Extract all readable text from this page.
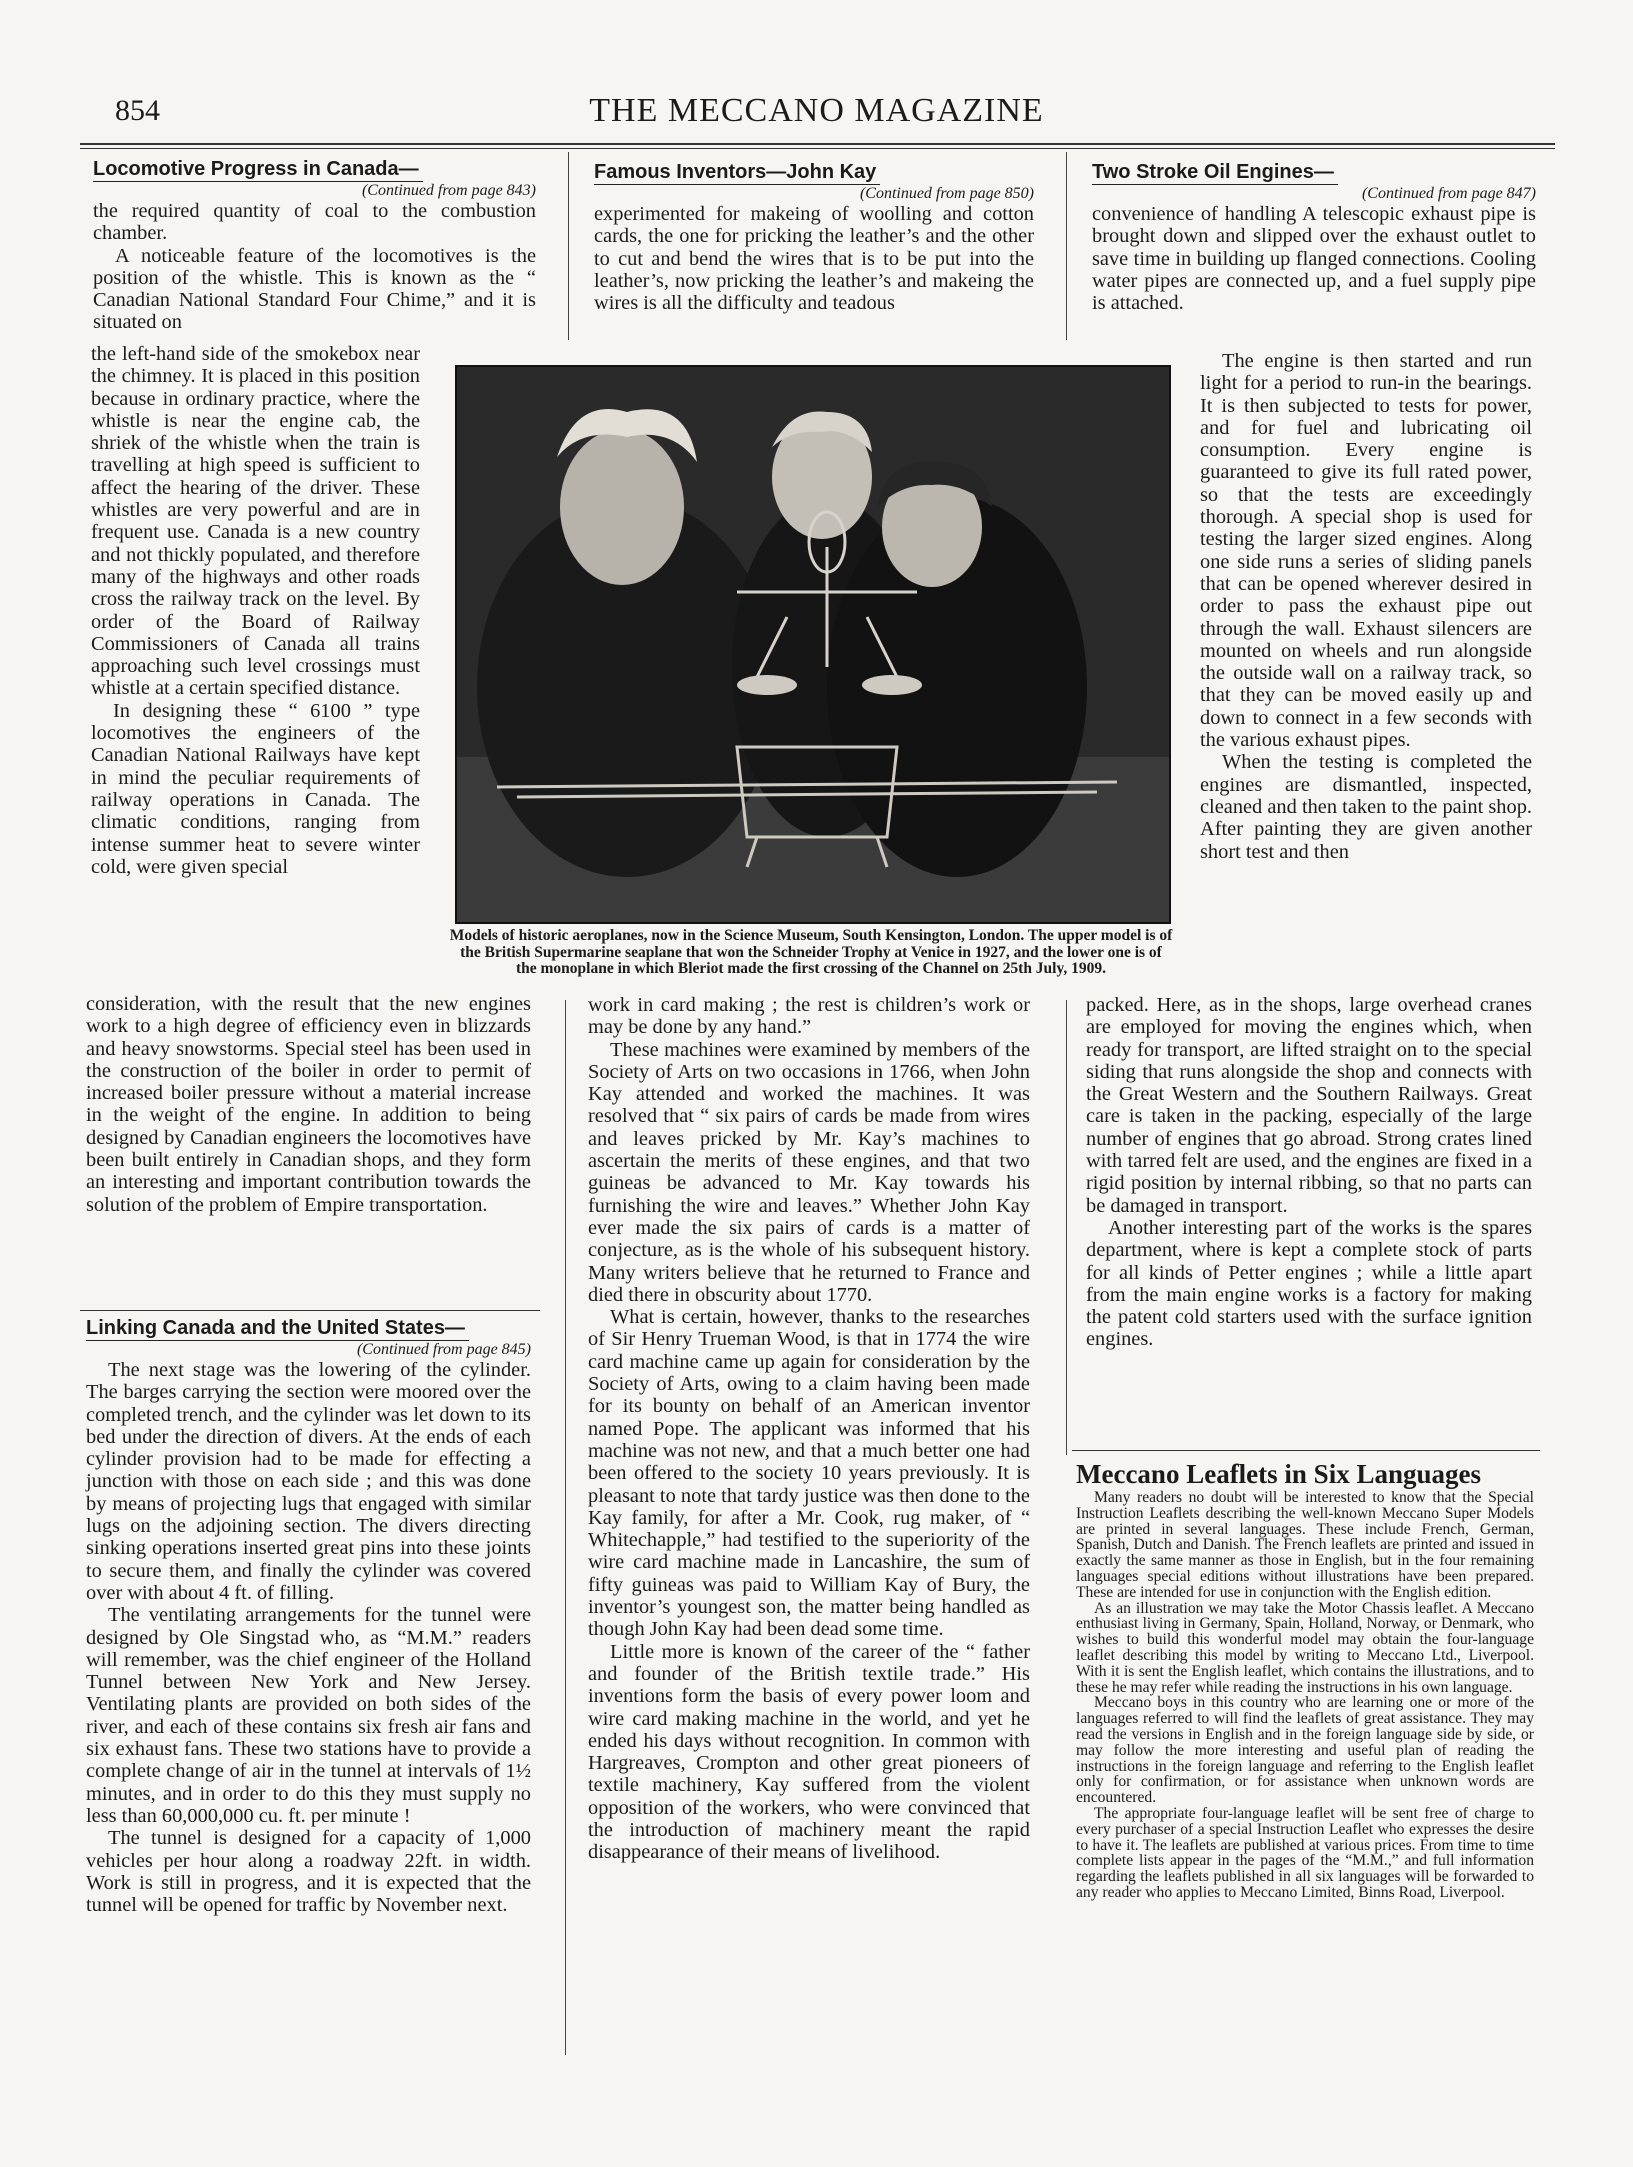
854	THE MECCANO MAGAZINE
Locomotive Progress in Canada—
(Continued from page 843)

the required quantity of coal to the combustion chamber.

A noticeable feature of the locomotives is the position of the whistle. This is known as the “ Canadian National Standard Four Chime,” and it is situated on

the left-hand side of the smokebox near the chimney. It is placed in this position because in ordinary practice, where the whistle is near the engine cab, the shriek of the whistle when the train is travelling at high speed is sufficient to affect the hearing of the driver. These whistles are very powerful and are in frequent use. Canada is a new country and not thickly populated, and therefore many of the highways and other roads cross the railway track on the level. By order of the Board of Railway Commissioners of Canada all trains approaching such level crossings must whistle at a certain specified distance.

In designing these “ 6100 ” type locomotives the engineers of the Canadian National Railways have kept in mind the peculiar requirements of railway operations in Canada. The climatic conditions, ranging from intense summer heat to severe winter cold, were given special

consideration, with the result that the new engines work to a high degree of efficiency even in blizzards and heavy snowstorms. Special steel has been used in the construction of the boiler in order to permit of increased boiler pressure without a material increase in the weight of the engine. In addition to being designed by Canadian engineers the locomotives have been built entirely in Canadian shops, and they form an interesting and important contribution towards the solution of the problem of Empire transportation.

Linking Canada and the United States—
(Continued from page 845)

The next stage was the lowering of the cylinder. The barges carrying the section were moored over the completed trench, and the cylinder was let down to its bed under the direction of divers. At the ends of each cylinder provision had to be made for effecting a junction with those on each side ; and this was done by means of projecting lugs that engaged with similar lugs on the adjoining section. The divers directing sinking operations inserted great pins into these joints to secure them, and finally the cylinder was covered over with about 4 ft. of filling.

The ventilating arrangements for the tunnel were designed by Ole Singstad who, as “M.M.” readers will remember, was the chief engineer of the Holland Tunnel between New York and New Jersey. Ventilating plants are provided on both sides of the river, and each of these contains six fresh air fans and six exhaust fans. These two stations have to provide a complete change of air in the tunnel at intervals of 1½ minutes, and in order to do this they must supply no less than 60,000,000 cu. ft. per minute !

The tunnel is designed for a capacity of 1,000 vehicles per hour along a roadway 22ft. in width. Work is still in progress, and it is expected that the tunnel will be opened for traffic by November next.

Famous Inventors—John Kay
(Continued from page 850)

experimented for makeing of woolling and cotton cards, the one for pricking the leather’s and the other to cut and bend the wires that is to be put into the leather’s, now pricking the leather’s and makeing the wires is all the difficulty and teadous

Models of historic aeroplanes, now in the Science Museum, South Kensington, London. The upper model is of the British Supermarine seaplane that won the Schneider Trophy at Venice in 1927, and the lower one is of the monoplane in which Bleriot made the first crossing of the Channel on 25th July, 1909.

work in card making ; the rest is children’s work or may be done by any hand.”

These machines were examined by members of the Society of Arts on two occasions in 1766, when John Kay attended and worked the machines. It was resolved that “ six pairs of cards be made from wires and leaves pricked by Mr. Kay’s machines to ascertain the merits of these engines, and that two guineas be advanced to Mr. Kay towards his furnishing the wire and leaves.” Whether John Kay ever made the six pairs of cards is a matter of conjecture, as is the whole of his subsequent history. Many writers believe that he returned to France and died there in obscurity about 1770.

What is certain, however, thanks to the researches of Sir Henry Trueman Wood, is that in 1774 the wire card machine came up again for consideration by the Society of Arts, owing to a claim having been made for its bounty on behalf of an American inventor named Pope. The applicant was informed that his machine was not new, and that a much better one had been offered to the society 10 years previously. It is pleasant to note that tardy justice was then done to the Kay family, for after a Mr. Cook, rug maker, of “ Whitechapple,” had testified to the superiority of the wire card machine made in Lancashire, the sum of fifty guineas was paid to William Kay of Bury, the inventor’s youngest son, the matter being handled as though John Kay had been dead some time.

Little more is known of the career of the “ father and founder of the British textile trade.” His inventions form the basis of every power loom and wire card making machine in the world, and yet he ended his days without recognition. In common with Hargreaves, Crompton and other great pioneers of textile machinery, Kay suffered from the violent opposition of the workers, who were convinced that the introduction of machinery meant the rapid disappearance of their means of livelihood.

Two Stroke Oil Engines—
(Continued from page 847)

convenience of handling A telescopic exhaust pipe is brought down and slipped over the exhaust outlet to save time in building up flanged connections. Cooling water pipes are connected up, and a fuel supply pipe is attached.

The engine is then started and run light for a period to run-in the bearings. It is then subjected to tests for power, and for fuel and lubricating oil consumption. Every engine is guaranteed to give its full rated power, so that the tests are exceedingly thorough. A special shop is used for testing the larger sized engines. Along one side runs a series of sliding panels that can be opened wherever desired in order to pass the exhaust pipe out through the wall. Exhaust silencers are mounted on wheels and run alongside the outside wall on a railway track, so that they can be moved easily up and down to connect in a few seconds with the various exhaust pipes.

When the testing is completed the engines are dismantled, inspected, cleaned and then taken to the paint shop. After painting they are given another short test and then

packed. Here, as in the shops, large overhead cranes are employed for moving the engines which, when ready for transport, are lifted straight on to the special siding that runs alongside the shop and connects with the Great Western and the Southern Railways. Great care is taken in the packing, especially of the large number of engines that go abroad. Strong crates lined with tarred felt are used, and the engines are fixed in a rigid position by internal ribbing, so that no parts can be damaged in transport.

Another interesting part of the works is the spares department, where is kept a complete stock of parts for all kinds of Petter engines ; while a little apart from the main engine works is a factory for making the patent cold starters used with the surface ignition engines.

Meccano Leaflets in Six Languages

Many readers no doubt will be interested to know that the Special Instruction Leaflets describing the well-known Meccano Super Models are printed in several languages. These include French, German, Spanish, Dutch and Danish. The French leaflets are printed and issued in exactly the same manner as those in English, but in the four remaining languages special editions without illustrations have been prepared. These are intended for use in conjunction with the English edition.

As an illustration we may take the Motor Chassis leaflet. A Meccano enthusiast living in Germany, Spain, Holland, Norway, or Denmark, who wishes to build this wonderful model may obtain the four-language leaflet describing this model by writing to Meccano Ltd., Liverpool. With it is sent the English leaflet, which contains the illustrations, and to these he may refer while reading the instructions in his own language.

Meccano boys in this country who are learning one or more of the languages referred to will find the leaflets of great assistance. They may read the versions in English and in the foreign language side by side, or may follow the more interesting and useful plan of reading the instructions in the foreign language and referring to the English leaflet only for confirmation, or for assistance when unknown words are encountered.

The appropriate four-language leaflet will be sent free of charge to every purchaser of a special Instruction Leaflet who expresses the desire to have it. The leaflets are published at various prices. From time to time complete lists appear in the pages of the “M.M.,” and full information regarding the leaflets published in all six languages will be forwarded to any reader who applies to Meccano Limited, Binns Road, Liverpool.
